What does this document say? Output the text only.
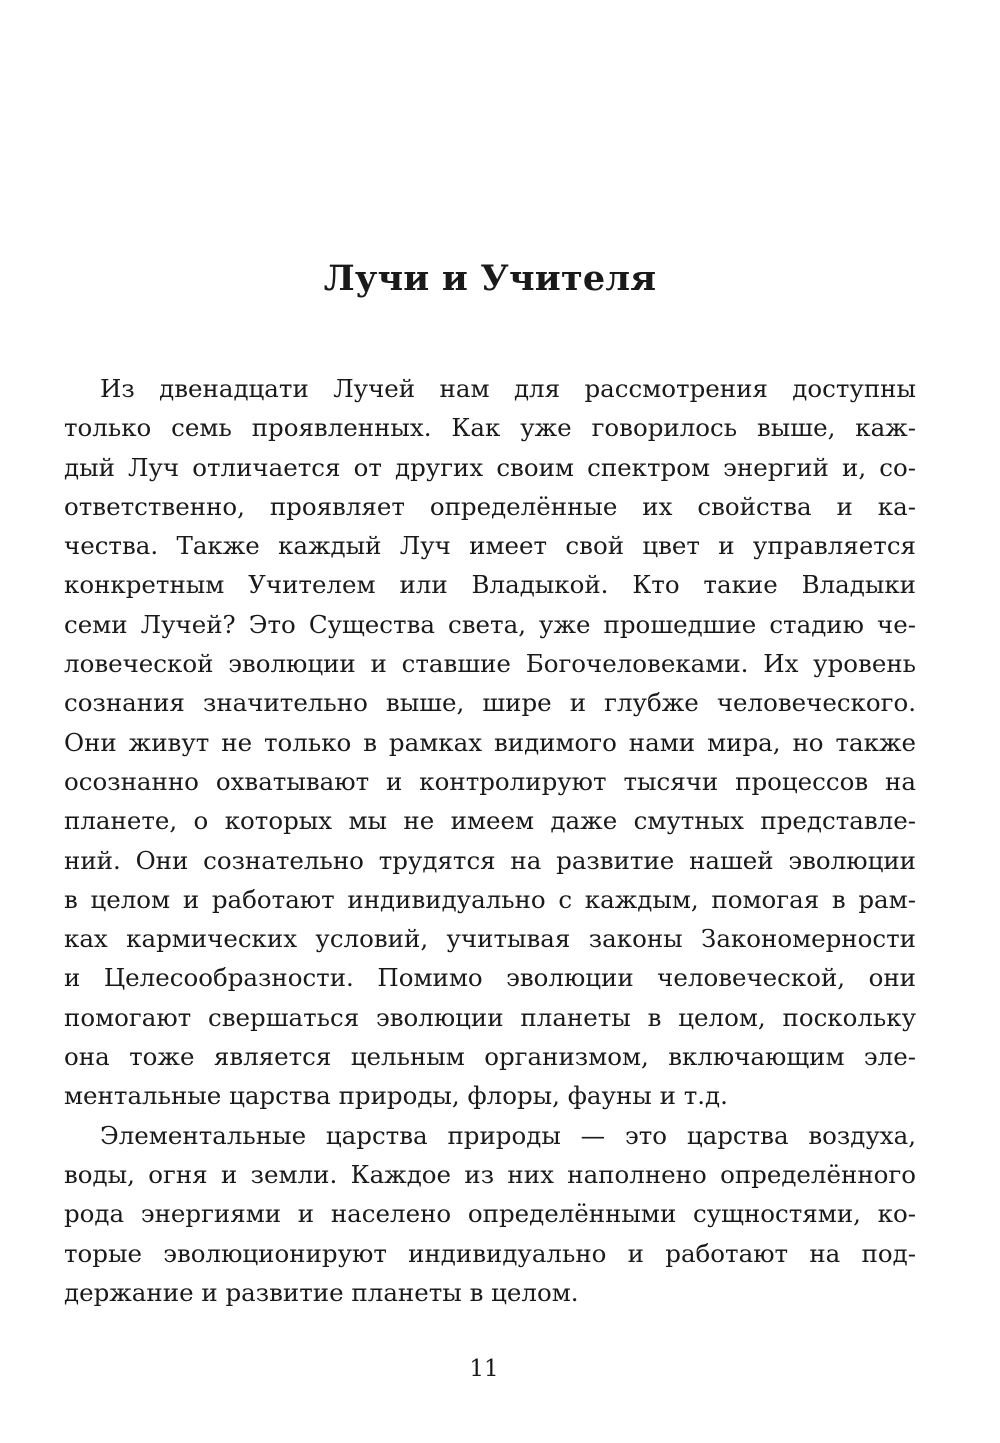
Лучи и Учителя

Из двенадцати Лучей нам для рассмотрения доступны
только семь проявленных. Как уже говорилось выше, каж-
дый Луч отличается от других своим спектром энергий и, со-
ответственно, проявляет определённые их свойства и ка-
чества. Также каждый Луч имеет свой цвет и управляется
конкретным Учителем или Владыкой. Кто такие Владыки
семи Лучей? Это Существа света, уже прошедшие стадию че-
ловеческой эволюции и ставшие Богочеловеками. Их уровень
сознания значительно выше, шире и глубже человеческого.
Они живут не только в рамках видимого нами мира, но также
осознанно охватывают и контролируют тысячи процессов на
планете, о которых мы не имеем даже смутных представле-
ний. Они сознательно трудятся на развитие нашей эволюции
в целом и работают индивидуально с каждым, помогая в рам-
ках кармических условий, учитывая законы Закономерности
и Целесообразности. Помимо эволюции человеческой, они
помогают свершаться эволюции планеты в целом, поскольку
она тоже является цельным организмом, включающим эле-
ментальные царства природы, флоры, фауны и т.д.

Элементальные царства природы — это царства воздуха,
воды, огня и земли. Каждое из них наполнено определённого
рода энергиями и населено определёнными сущностями, ко-
торые эволюционируют индивидуально и работают на под-
держание и развитие планеты в целом.

11
